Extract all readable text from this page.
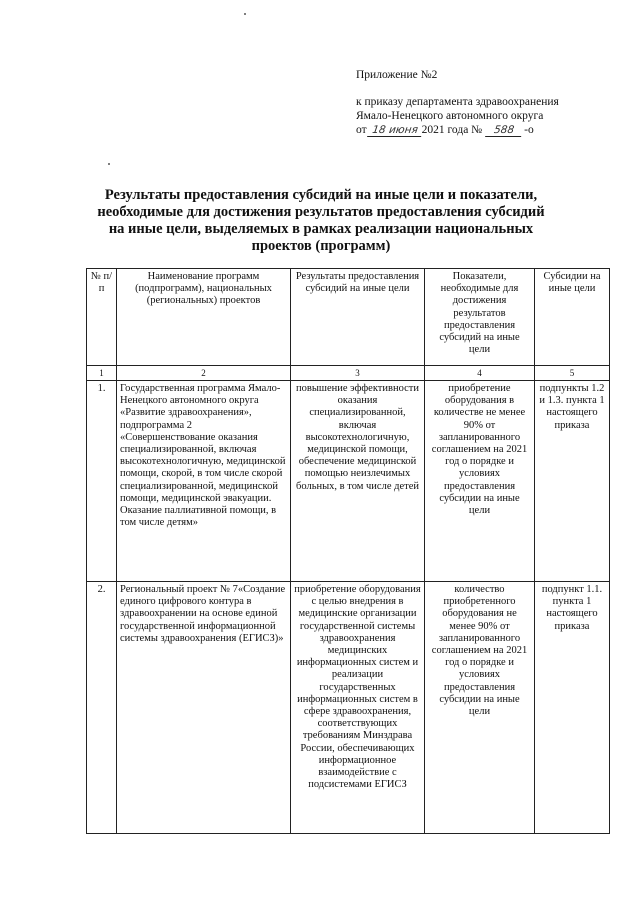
Приложение №2
к приказу департамента здравоохранения
Ямало-Ненецкого автономного округа
от 18 июня 2021 года №	588 -о
Результаты предоставления субсидий на иные цели и показатели, необходимые для достижения результатов предоставления субсидий на иные цели, выделяемых в рамках реализации национальных проектов (программ)
№ п/п	Наименование программ (подпрограмм), национальных (региональных) проектов	Результаты предоставления субсидий на иные цели	Показатели, необходимые для достижения результатов предоставления субсидий на иные цели	Субсидии на иные цели
1	2	3	4	5
1.	Государственная программа Ямало-Ненецкого автономного округа «Развитие здравоохранения», подпрограмма 2 «Совершенствование оказания специализированной, включая высокотехнологичную, медицинской помощи, скорой, в том числе скорой специализированной, медицинской помощи, медицинской эвакуации. Оказание паллиативной помощи, в том числе детям»	повышение эффективности оказания специализированной, включая высокотехнологичную, медицинской помощи, обеспечение медицинской помощью неизлечимых больных, в том числе детей	приобретение оборудования в количестве не менее 90% от запланированного соглашением на 2021 год о порядке и условиях предоставления субсидии на иные цели	подпункты 1.2 и 1.3. пункта 1 настоящего приказа
2.	Региональный проект № 7«Создание единого цифрового контура в здравоохранении на основе единой государственной информационной системы здравоохранения (ЕГИСЗ)»	приобретение оборудования с целью внедрения в медицинские организации государственной системы здравоохранения медицинских информационных систем и реализации государственных информационных систем в сфере здравоохранения, соответствующих требованиям Минздрава России, обеспечивающих информационное взаимодействие с подсистемами ЕГИСЗ	количество приобретенного оборудования не менее 90% от запланированного соглашением на 2021 год о порядке и условиях предоставления субсидии на иные цели	подпункт 1.1. пункта 1 настоящего приказа
